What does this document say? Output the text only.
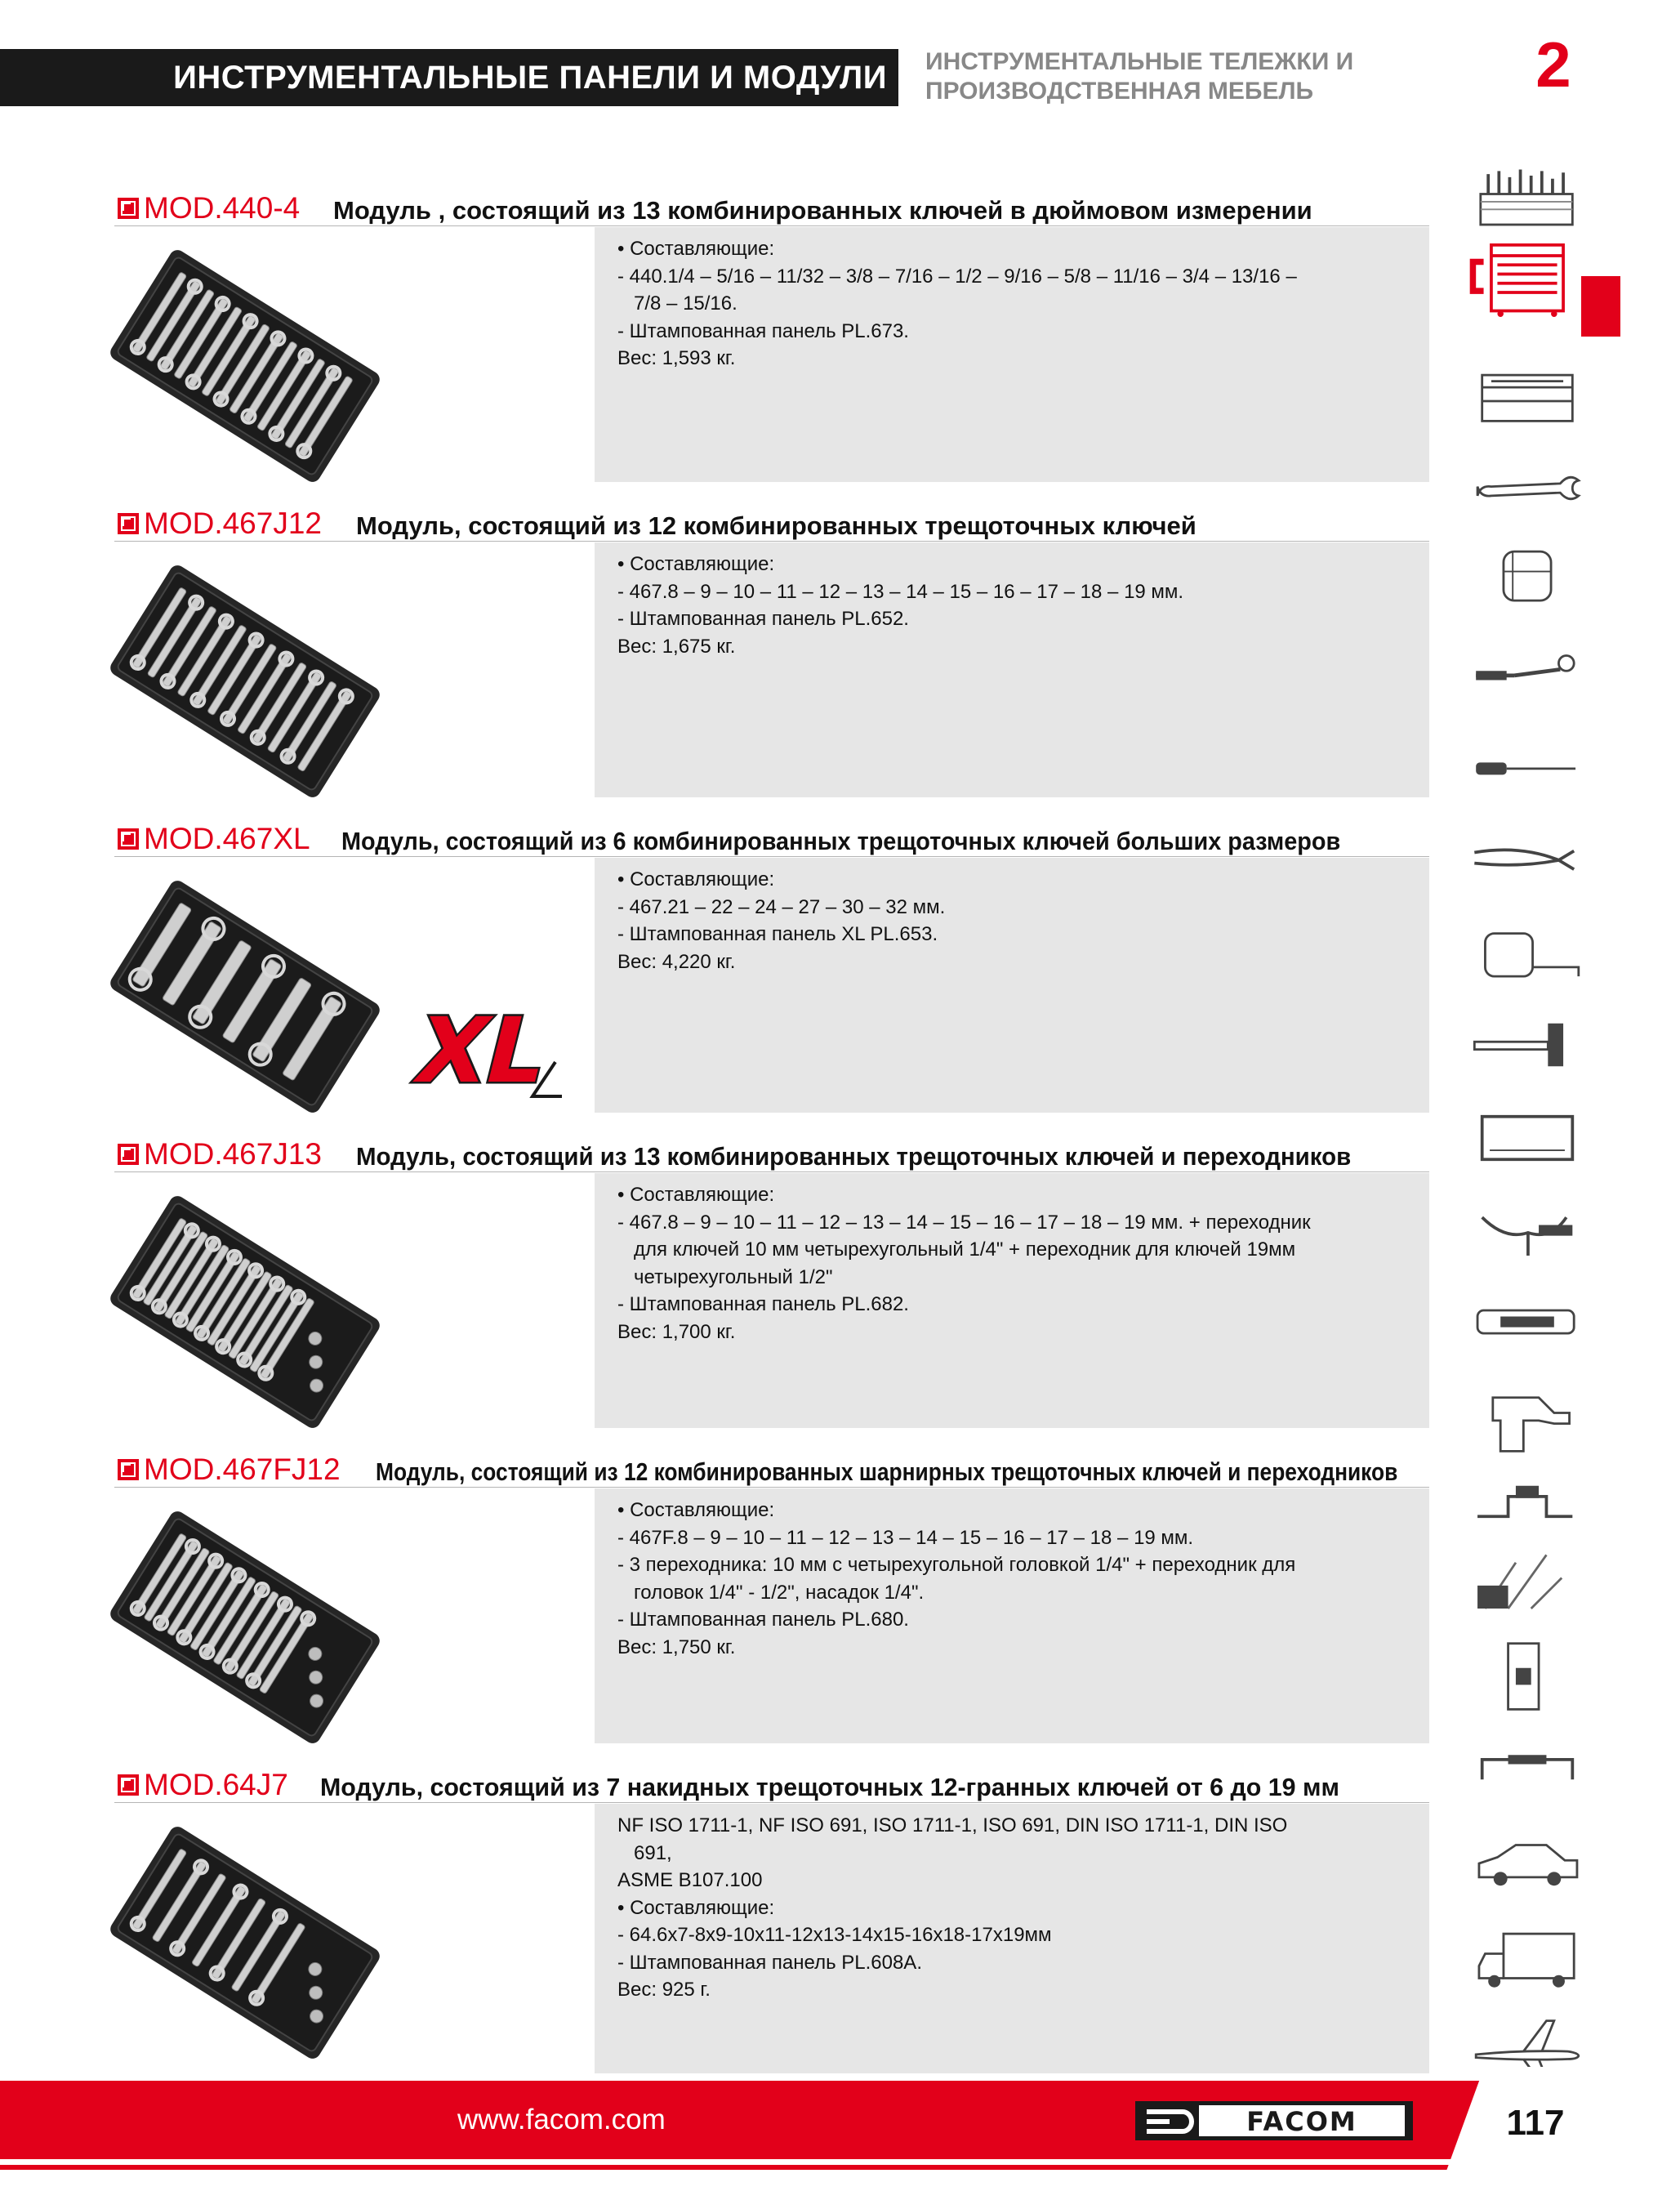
ИНСТРУМЕНТАЛЬНЫЕ ПАНЕЛИ И МОДУЛИ ИНСТРУМЕНТАЛЬНЫЕ ТЕЛЕЖКИ И
ПРОИЗВОДСТВЕННАЯ МЕБЕЛЬ	2
MOD.440-4 Модуль , состоящий из 13 комбинированных ключей в дюймовом измерении
• Составляющие:
- 440.1/4 – 5/16 – 11/32 – 3/8 – 7/16 – 1/2 – 9/16 – 5/8 – 11/16 – 3/4 – 13/16 –
7/8 – 15/16.
- Штампованная панель PL.673.
Вес: 1,593 кг.
MOD.467J12 Модуль, состоящий из 12 комбинированных трещоточных ключей
• Составляющие:
- 467.8 – 9 – 10 – 11 – 12 – 13 – 14 – 15 – 16 – 17 – 18 – 19 мм.
- Штампованная панель PL.652.
Вес: 1,675 кг.
MOD.467XL Модуль, состоящий из 6 комбинированных трещоточных ключей больших размеров
• Составляющие:
- 467.21 – 22 – 24 – 27 – 30 – 32 мм.
- Штампованная панель XL PL.653.
Вес: 4,220 кг.
XL
MOD.467J13 Модуль, состоящий из 13 комбинированных трещоточных ключей и переходников
• Составляющие:
- 467.8 – 9 – 10 – 11 – 12 – 13 – 14 – 15 – 16 – 17 – 18 – 19 мм. + переходник
для ключей 10 мм четырехугольный 1/4" + переходник для ключей 19мм
четырехугольный 1/2"
- Штампованная панель PL.682.
Вес: 1,700 кг.
MOD.467FJ12 Модуль, состоящий из 12 комбинированных шарнирных трещоточных ключей и переходников
• Составляющие:
- 467F.8 – 9 – 10 – 11 – 12 – 13 – 14 – 15 – 16 – 17 – 18 – 19 мм.
- 3 переходника: 10 мм с четырехугольной головкой 1/4" + переходник для
головок 1/4" - 1/2", насадок 1/4".
- Штампованная панель PL.680.
Вес: 1,750 кг.
MOD.64J7 Модуль, состоящий из 7 накидных трещоточных 12-гранных ключей от 6 до 19 мм
NF ISO 1711-1, NF ISO 691, ISO 1711-1, ISO 691, DIN ISO 1711-1, DIN ISO
691,
ASME B107.100
• Составляющие:
- 64.6x7-8x9-10x11-12x13-14x15-16x18-17x19мм
- Штампованная панель PL.608A.
Вес: 925 г.
www.facom.com	FACOM	117
